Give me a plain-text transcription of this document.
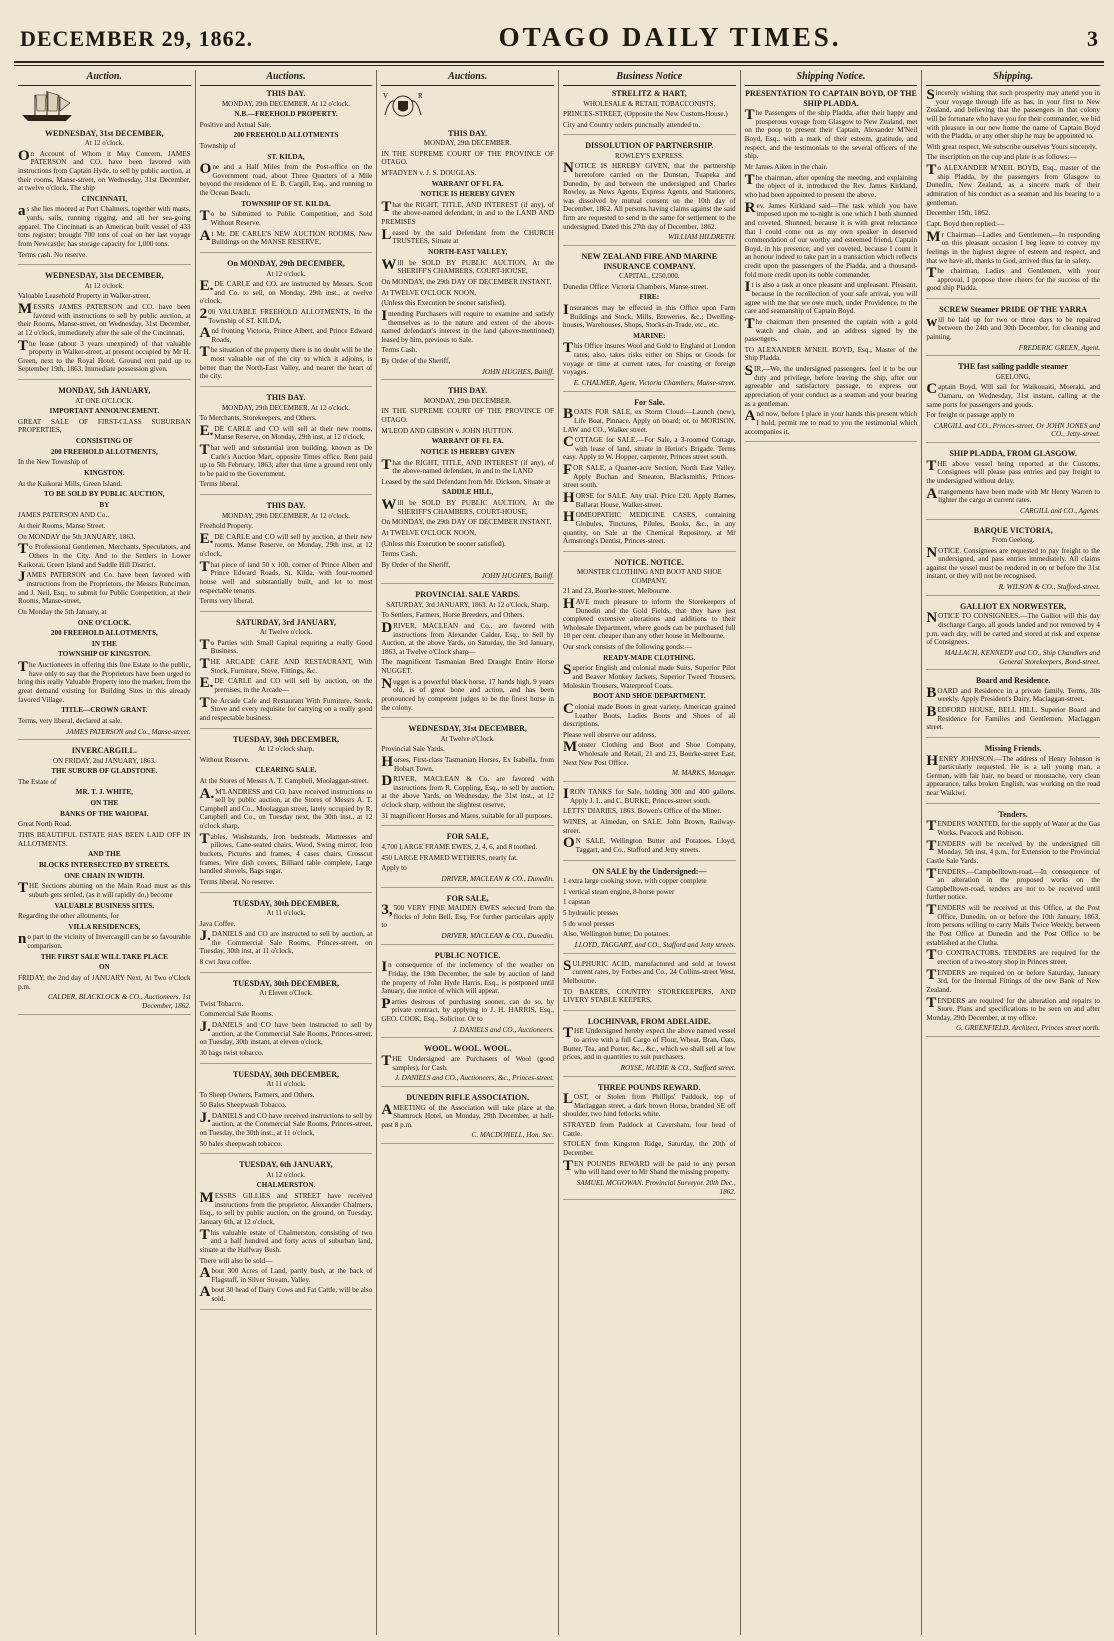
DECEMBER 29, 1862.	OTAGO DAILY TIMES.	3
Auction.
WEDNESDAY, 31st DECEMBER,
At 12 o'clock.

On Account of Whom it May Concern. JAMES PATERSON and CO. have been favored with instructions from Captain Hyde, to sell by public auction, at their rooms, Manse-street, on Wednesday, 31st December, at twelve o'clock, The ship

CINCINNATI,

as she lies moored at Port Chalmers, together with masts, yards, sails, running rigging, and all her sea-going apparel. The Cincinnati is an American built vessel of 433 tons register; brought 700 tons of coal on her last voyage from Newcastle; has storage capacity for 1,000 tons.

Terms cash. No reserve.

WEDNESDAY, 31st DECEMBER,
At 12 o'clock.

Valuable Leasehold Property in Walker-street.

MESSRS JAMES PATERSON and CO. have been favored with instructions to sell by public auction, at their Rooms, Manse-street, on Wednesday, 31st December, at 12 o'clock, immediately after the sale of the Cincinnati,

The lease (about 3 years unexpired) of that valuable property in Walker-street, at present occupied by Mr H. Green, next to the Royal Hotel. Ground rent paid up to September 19th, 1863. Immediate possession given.

MONDAY, 5th JANUARY,
AT ONE O'CLOCK.

IMPORTANT ANNOUNCEMENT.

GREAT SALE OF FIRST-CLASS SUBURBAN PROPERTIES,

CONSISTING OF

200 FREEHOLD ALLOTMENTS,

In the New Township of

KINGSTON.

At the Kaikorai Mills, Green Island.

TO BE SOLD BY PUBLIC AUCTION,

BY

JAMES PATERSON AND Co.,

At their Rooms, Manse Street.

On MONDAY the 5th JANUARY, 1863.

To Professional Gentlemen, Merchants, Speculators, and Others in the City. And to the Settlers in Lower Kaikorai, Green Island and Saddle Hill District.

JAMES PATERSON and Co. have been favored with instructions from the Proprietors, the Messrs Runciman, and J. Neil, Esq., to submit for Public Competition, at their Rooms, Manse-street,

On Monday the 5th January, at

ONE O'CLOCK.

200 FREEHOLD ALLOTMENTS,

IN THE

TOWNSHIP OF KINGSTON.

The Auctioneers in offering this fine Estate to the public, have only to say that the Proprietors have been urged to bring this really Valuable Property into the market, from the great demand existing for Building Sites in this already favored Village.

TITLE—CROWN GRANT.

Terms, very liberal, declared at sale.

JAMES PATERSON and Co., Manse-street.
INVERCARGILL.
ON FRIDAY, 2nd JANUARY, 1863.

THE SUBURB OF GLADSTONE.

The Estate of

MR. T. J. WHITE,

ON THE

BANKS OF THE WAIOPAI.

Great North Road.

THIS BEAUTIFUL ESTATE HAS BEEN LAID OFF IN ALLOTMENTS.

AND THE

BLOCKS INTERSECTED BY STREETS.

ONE CHAIN IN WIDTH.

THE Sections abutting on the Main Road must as this suburb gets settled, (as it will rapidly do,) become

VALUABLE BUSINESS SITES.

Regarding the other allotments, for

VILLA RESIDENCES,

no part in the vicinity of Invercargill can be so favourable comparison.

THE FIRST SALE WILL TAKE PLACE

ON

FRIDAY, the 2nd day of JANUARY Next, At Two o'Clock p.m.

CALDER, BLACKLOCK & CO., Auctioneers. 1st December, 1862.
Auctions.
THIS DAY.
MONDAY, 29th DECEMBER, At 12 o'clock.

N.B.—FREEHOLD PROPERTY.

Positive and Actual Sale.

200 FREEHOLD ALLOTMENTS

Township of

ST. KILDA,

One and a Half Miles from the Post-office on the Government road, about Three Quarters of a Mile beyond the residence of E. B. Cargill, Esq., and running to the Ocean Beach.

TOWNSHIP OF ST. KILDA.

To be Submitted to Public Competition, and Sold Without Reserve.

At Mr. DE CARLE'S NEW AUCTION ROOMS, New Buildings on the MANSE RESERVE,

On MONDAY, 29th DECEMBER,
At 12 o'clock.

E.DE CARLE and CO. are instructed by Messrs. Scott and Co. to sell, on Monday, 29th inst., at twelve o'clock,

200 VALUABLE FREEHOLD ALLOTMENTS, In the Township of ST. KILDA,

And fronting Victoria, Prince Albert, and Prince Edward Roads,

The situation of the property there is no doubt will be the most valuable out of the city to which it adjoins, is better than the North-East Valley, and nearer the heart of the city.

THIS DAY.
MONDAY, 29th DECEMBER, At 12 o'clock.

To Merchants, Storekeepers, and Others.

E.DE CARLE and CO will sell at their new rooms, Manse Reserve, on Monday, 29th inst, at 12 o'clock,

That well and substantial iron building, known as De Carle's Auction Mart, opposite Times office. Rent paid up to 5th February, 1863; after that time a ground rent only to be paid to the Government.

Terms liberal.

THIS DAY.
MONDAY, 29th DECEMBER, At 12 o'clock.

Freehold Property.

E.DE CARLE and CO will sell by auction, at their new rooms, Manse Reserve, on Monday, 29th inst, at 12 o'clock,

That piece of land 50 x 100, corner of Prince Albert and Prince Edward Roads, St. Kilda, with four-roomed house well and substantially built, and let to most respectable tenants.

Terms very liberal.

SATURDAY, 3rd JANUARY,
At Twelve o'clock.

To Parties with Small Capital requiring a really Good Business.

THE ARCADE CAFE AND RESTAURANT, With Stock, Furniture, Stove, Fittings, &c.

E.DE CARLE and CO will sell by auction, on the premises, in the Arcade—

The Arcade Cafe and Restaurant With Furniture, Stock, Stove and every requisite for carrying on a really good and respectable business.

TUESDAY, 30th DECEMBER,
At 12 o'clock sharp.

Without Reserve.

CLEARING SALE.

At the Stores of Messrs A. T. Campbell, Moolaggan-street.

A.M'LANDRESS and CO. have received instructions to sell by public auction, at the Stores of Messrs A. T. Campbell and Co., Moolaggan street, lately occupied by R. Campbell and Co., on Tuesday next, the 30th inst., at 12 o'clock sharp,

Tables, Washstands, Iron bedsteads, Mattresses and pillows, Cane-seated chairs, Wood, Swing mirror, Iron buckets, Pictures and frames, 4 cases chairs, Crosscut frames, Wire dish covers, Billiard table complete, Large handled shovels, Bags sugar.

Terms liberal. No reserve.

TUESDAY, 30th DECEMBER,
At 11 o'clock.

Java Coffee.

J.DANIELS and CO are instructed to sell by auction, at the Commercial Sale Rooms, Princes-street, on Tuesday, 30th inst, at 11 o'clock,

8 cwt Java coffee.

TUESDAY, 30th DECEMBER,
At Eleven o'Clock.

Twist Tobacco.

Commercial Sale Rooms.

J.DANIELS and CO have been instructed to sell by auction, at the Commercial Sale Rooms, Princes-street, on Tuesday, 30th instant, at eleven o'clock,

30 bags twist tobacco.

TUESDAY, 30th DECEMBER,
At 11 o'clock.

To Sheep Owners, Farmers, and Others.

50 Bales Sheepwash Tobacco.

J.DANIELS and CO have received instructions to sell by auction, at the Commercial Sale Rooms, Princes-street, on Tuesday, the 30th inst., at 11 o'clock,

50 bales sheepwash tobacco.

TUESDAY, 6th JANUARY,
At 12 o'clock.

CHALMERSTON.

MESSRS GILLIES and STREET have received instructions from the proprietor, Alexander Chalmers, Esq., to sell by public auction, on the ground, on Tuesday, January 6th, at 12 o'clock,

This valuable estate of Chalmerston, consisting of two and a half hundred and forty acres of suburban land, situate at the Halfway Bush.

There will also be sold—

About 300 Acres of Land, partly bush, at the back of Flagstaff, in Silver Stream, Valley.

About 30 head of Dairy Cows and Fat Cattle, will be also sold.

Auctions.
V	R
THIS DAY.
MONDAY, 29th DECEMBER.

IN THE SUPREME COURT OF THE PROVINCE OF OTAGO.

M'FADYEN v. J. S. DOUGLAS.

WARRANT OF FI. FA.

NOTICE IS HEREBY GIVEN

That the RIGHT, TITLE, AND INTEREST (if any), of the above-named defendant, in and to the LAND AND PREMISES

Leased by the said Defendant from the CHURCH TRUSTEES, Situate at

NORTH-EAST VALLEY,

Will be SOLD BY PUBLIC AUCTION, At the SHERIFF'S CHAMBERS, COURT-HOUSE,

On MONDAY, the 29th DAY OF DECEMBER INSTANT,

At TWELVE O'CLOCK NOON,

(Unless this Execution be sooner satisfied).

Intending Purchasers will require to examine and satisfy themselves as to the nature and extent of the above-named defendant's interest in the land (above-mentioned) leased by him, previous to Sale.

Terms Cash.

By Order of the Sheriff,

JOHN HUGHES, Bailiff.
THIS DAY.
MONDAY, 29th DECEMBER.

IN THE SUPREME COURT OF THE PROVINCE OF OTAGO.

M'LEOD AND GIBSON v. JOHN HUTTON.

WARRANT OF FI. FA.

NOTICE IS HEREBY GIVEN

That the RIGHT, TITLE, AND INTEREST (if any), of the above-named defendant, in and to the LAND

Leased by the said Defendant from Mr. Dickson, Situate at

SADDLE HILL,

Will be SOLD BY PUBLIC AUCTION, At the SHERIFF'S CHAMBERS, COURT-HOUSE,

On MONDAY, the 29th DAY OF DECEMBER INSTANT,

At TWELVE O'CLOCK NOON,

(Unless this Execution be sooner satisfied).

Terms Cash.

By Order of the Sheriff,

JOHN HUGHES, Bailiff.
PROVINCIAL SALE YARDS.
SATURDAY, 3rd JANUARY, 1863. At 12 o'Clock, Sharp.

To Settlers, Farmers, Horse Breeders, and Others.

DRIVER, MACLEAN and Co., are favored with instructions from Alexander Calder, Esq., to Sell by Auction, at the above Yards, on Saturday, the 3rd January, 1863, at Twelve o'Clock sharp—

The magnificent Tasmanian Bred Draught Entire Horse NUGGET.

Nugget is a powerful black horse, 17 hands high, 9 years old, is of great bone and action, and has been pronounced by competent judges to be the finest horse in the colony.

WEDNESDAY, 31st DECEMBER,
At Twelve o'Clock.

Provincial Sale Yards.

Horses, First-class Tasmanian Horses, Ex Isabella, from Hobart Town.

DRIVER, MACLEAN & Co. are favored with instructions from R. Coppling, Esq., to sell by auction, at the above Yards, on Wednesday, the 31st inst., at 12 o'clock sharp, without the slightest reserve,

31 magnificent Horses and Mares, suitable for all purposes.

FOR SALE,

4,700 LARGE FRAME EWES, 2, 4, 6, and 8 toothed.

450 LARGE FRAMED WETHERS, nearly fat.

Apply to

DRIVER, MACLEAN & CO., Dunedin.
FOR SALE,

3,500 VERY FINE MAIDEN EWES selected from the flocks of John Bell, Esq. For further particulars apply to

DRIVER, MACLEAN & CO., Dunedin.
PUBLIC NOTICE.

In consequence of the inclemency of the weather on Friday, the 19th December, the sale by auction of land the property of John Hyde Harris, Esq., is postponed until January, due notice of which will appear.

Parties desirous of purchasing sooner, can do so, by private contract, by applying to J. H. HARRIS, Esq., GEO. COOK, Esq., Solicitor. Or to

J. DANIELS and CO., Auctioneers.
WOOL. WOOL. WOOL.

THE Undersigned are Purchasers of Wool (good samples), for Cash.

J. DANIELS and CO., Auctioneers, &c., Princes-street.
DUNEDIN RIFLE ASSOCIATION.

AMEETING of the Association will take place at the Shamrock Hotel, on Monday, 29th December, at half-past 8 p.m.

C. MACDONELL, Hon. Sec.
Business Notice
STRELITZ & HART,
WHOLESALE & RETAIL TOBACCONISTS,

PRINCES-STREET, (Opposite the New Custom-House.)

City and Country orders punctually attended to.

DISSOLUTION OF PARTNERSHIP.
ROWLEY'S EXPRESS.

NOTICE IS HEREBY GIVEN, that the partnership heretofore carried on the Dunstan, Tuapeka and Dunedin, by and between the undersigned and Charles Rowley, as News Agents, Express Agents, and Stationers, was dissolved by mutual consent on the 10th day of December, 1862. All persons having claims against the said firm are requested to send in the same for settlement to the undersigned. Dated this 27th day of December, 1862.

WILLIAM HILDRETH.
NEW ZEALAND FIRE AND MARINE INSURANCE COMPANY.
CAPITAL, £250,000.

Dunedin Office: Victoria Chambers, Manse-street.

FIRE:

Insurances may be effected in this Office upon Farm Buildings and Stock, Mills, Breweries, &c.; Dwelling-houses, Warehouses, Shops, Stocks-in-Trade, etc., etc.

MARINE:

This Office insures Wool and Gold to England at London rates; also, takes risks either on Ships or Goods for voyage or time at current rates, for coasting or foreign voyages.

E. CHALMER, Agent, Victoria Chambers, Manse-street.
For Sale.

BOATS FOR SALE, ex Storm Cloud:—Launch (new), Life Boat, Pinnace. Apply on board; or, to MORISON, LAW and CO., Walker street.

COTTAGE for SALE.—For Sale, a 3-roomed Cottage, with lease of land, situate in Heriot's Brigade. Terms easy. Apply to W. Hopper, carpenter, Princes street south.

FOR SALE, a Quarter-acre Section, North East Valley. Apply Buchan and Smeaton, Blacksmiths, Princes-street south.

HORSE for SALE. Any trial. Price £20. Apply Barnes, Ballarat House, Walker-street.

HOMEOPATHIC MEDICINE CASES, containing Globules, Tinctures, Pilules, Books, &c., in any quantity, on Sale at the Chemical Repository, at Mr Armstrong's Dentist, Princes-street.

NOTICE. NOTICE.
MONSTER CLOTHING AND BOOT AND SHOE COMPANY,

21 and 23, Bourke-street, Melbourne.

HAVE much pleasure to inform the Storekeepers of Dunedin and the Gold Fields, that they have just completed extensive alterations and additions to their Wholesale Department, where goods can be purchased full 10 per cent. cheaper than any other house in Melbourne.

Our stock consists of the following goods:—

READY-MADE CLOTHING.

Superior English and colonial made Suits, Superior Pilot and Beaver Monkey Jackets, Superior Tweed Trousers, Moleskin Trousers, Waterproof Coats.

BOOT AND SHOE DEPARTMENT.

Colonial made Boots in great variety, American grained Leather Boots, Ladies Boots and Shoes of all descriptions.

Please well observe our address,

Monster Clothing and Boot and Shoe Company, Wholesale and Retail, 21 and 23, Bourke-street East, Next New Post Office.

M. MARKS, Manager.

IRON TANKS for Sale, holding 300 and 400 gallons. Apply J. L. and C. BURKE, Princes-street south.

LETTS' DIARIES, 1863. Bowen's Office of the Miner.

WINES, at Almedan, on SALE. John Brown, Railway-street.

ON SALE, Wellington Butter and Potatoes. Lloyd, Taggart, and Co., Stafford and Jetty streets.

ON SALE by the Undersigned:—

1 extra large cooking stove, with copper complete

1 vertical steam engine, 8-horse power

1 capstan

5 hydraulic presses

5 do wool presses

Also, Wellington butter, Do potatoes.

LLOYD, TAGGART, and CO., Stafford and Jetty streets.

SULPHURIC ACID, manufactured and sold at lowest current rates, by Forbes and Co., 24 Collins-street West, Melbourne.

TO BAKERS, COUNTRY STOREKEEPERS, AND LIVERY STABLE KEEPERS.

LOCHINVAR, FROM ADELAIDE.

THE Undersigned hereby expect the above named vessel to arrive with a full Cargo of Flour, Wheat, Bran, Oats, Butter, Tea, and Porter, &c., &c., which we shall sell at low prices, and in quantities to suit purchasers.

ROYSE, MUDIE & CO., Stafford street.
THREE POUNDS REWARD.

LOST, or Stolen from Phillips' Paddock, top of Maclaggan street, a dark brown Horse, branded SE off shoulder, two hind fetlocks white.

STRAYED from Paddock at Caversham, four head of Cattle.

STOLEN from Kingston Ridge, Saturday, the 20th of December.

TEN POUNDS REWARD will be paid to any person who will hand over to Mr Shand the missing property.

SAMUEL MCGOWAN. Provincial Surveyor. 20th Dec., 1862.
Shipping Notice.
PRESENTATION TO CAPTAIN BOYD, OF THE SHIP PLADDA.

The Passengers of the ship Pladda, after their happy and prosperous voyage from Glasgow to New Zealand, met on the poop to present their Captain, Alexander M'Neil Boyd, Esq., with a mark of their esteem, gratitude, and respect, and the testimonials to the several officers of the ship.

Mr James Aiken in the chair.

The chairman, after opening the meeting, and explaining the object of it, introduced the Rev. James Kirkland, who had been appointed to present the above.

Rev. James Kirkland said—The task which you have imposed upon me to-night is one which I both shunned and coveted. Shunned, because it is with great reluctance that I could come out as my own speaker in deserved commendation of our worthy and esteemed friend, Captain Boyd, in his presence; and yet coveted, because I count it an honour indeed to take part in a transaction which reflects credit upon the passengers of the Pladda, and a thousand-fold more credit upon its noble commander.

It is also a task at once pleasant and unpleasant. Pleasant, because in the recollection of your safe arrival, you will agree with me that we owe much, under Providence, to the care and seamanship of Captain Boyd.

The chairman then presented the captain with a gold watch and chain, and an address signed by the passengers.

TO ALEXANDER M'NEIL BOYD, Esq., Master of the Ship Pladda.

SIR,—We, the undersigned passengers, feel it to be our duty and privilege, before leaving the ship, after our agreeable and satisfactory passage, to express our appreciation of your conduct as a seaman and your bearing as a gentleman.

And now, before I place in your hands this present which I hold, permit me to read to you the testimonial which accompanies it.

Shipping.

Sincerely wishing that such prosperity may attend you in your voyage through life as has, in your first to New Zealand, and believing that the passengers in that colony will be fortunate who have you for their commander, we bid with pleasure in our new home the name of Captain Boyd with the Pladda, or any other ship he may be appointed to.

With great respect, We subscribe ourselves Yours sincerely.

The inscription on the cup and plate is as follows:—

To ALEXANDER M'NEIL BOYD, Esq., master of the ship Pladda, by the passengers from Glasgow to Dunedin, New Zealand, as a sincere mark of their admiration of his conduct as a seaman and his bearing to a gentleman.

December 15th, 1862.

Capt. Boyd then replied:—

Mr Chairman—Ladies and Gentlemen,—In responding on this pleasant occasion I beg leave to convey my feelings in the highest degree of esteem and respect, and that we have all, thanks to God, arrived thus far in safety.

The chairman, Ladies and Gentlemen, with your approval, I propose three cheers for the success of the good ship Pladda.

SCREW Steamer PRIDE OF THE YARRA

will be laid up for two or three days to be repaired between the 24th and 30th December, for cleaning and painting.

FREDERIC GREEN, Agent.
THE fast sailing paddle steamer
GEELONG,

Captain Boyd, Will sail for Waikouaiti, Moeraki, and Oamaru, on Wednesday, 31st instant, calling at the same ports for passengers and goods.

For freight or passage apply to

CARGILL and CO., Princes-street. Or JOHN JONES and CO., Jetty-street.
SHIP PLADDA, FROM GLASGOW.

THE above vessel being reported at the Customs, Consignees will please pass entries and pay freight to the undersigned without delay.

Arrangements have been made with Mr Henry Warren to lighter the cargo at current rates.

CARGILL and CO., Agents.
BARQUE VICTORIA,
From Geelong.

NOTICE. Consignees are requested to pay freight to the undersigned, and pass entries immediately. All claims against the vessel must be rendered in on or before the 31st instant, or they will not be recognised.

R. WILSON & CO., Stafford-street.
GALLIOT EX NORWESTER,

NOTICE TO CONSIGNEES.—The Galliot will this day discharge Cargo, all goods landed and not removed by 4 p.m. each day, will be carted and stored at risk and expense of Consignees.

MALLACH, KENNEDY and CO., Ship Chandlers and General Storekeepers, Bond-street.
Board and Residence.

BOARD and Residence in a private family. Terms, 30s weekly. Apply President's Dairy, Maclaggan-street.

BEDFORD HOUSE, BELL HILL. Superior Board and Residence for Families and Gentlemen. Maclaggan street.

Missing Friends.

HENRY JOHNSON.—The address of Henry Johnson is particularly requested. He is a tall young man, a German, with fair hair, no beard or moustache, very clean appearance, talks broken English, was working on the road near Waikiwi.

Tenders.

TENDERS WANTED, for the supply of Water at the Gas Works. Peacock and Robison.

TENDERS will be received by the undersigned till Monday, 5th inst, 4 p.m., for Extension to the Provincial Castle Sale Yards.

TENDERS.—Campbelltown-road.—In consequence of an alteration in the proposed works on the Campbelltown-road, tenders are not to be received until further notice.

TENDERS will be received at this Office, at the Post Office, Dunedin, on or before the 10th January, 1863, from persons willing to carry Mails Twice Weekly, between the Post Office at Dunedin and the Post Office to be established at the Clutha.

TO CONTRACTORS. TENDERS are required for the erection of a two-story shop in Princes street.

TENDERS are required on or before Saturday, January 3rd, for the Internal Fittings of the new Bank of New Zealand.

TENDERS are required for the alteration and repairs to Store. Plans and specifications to be seen on and after Monday, 29th December, at my office.

G. GREENFIELD, Architect, Princes street north.
